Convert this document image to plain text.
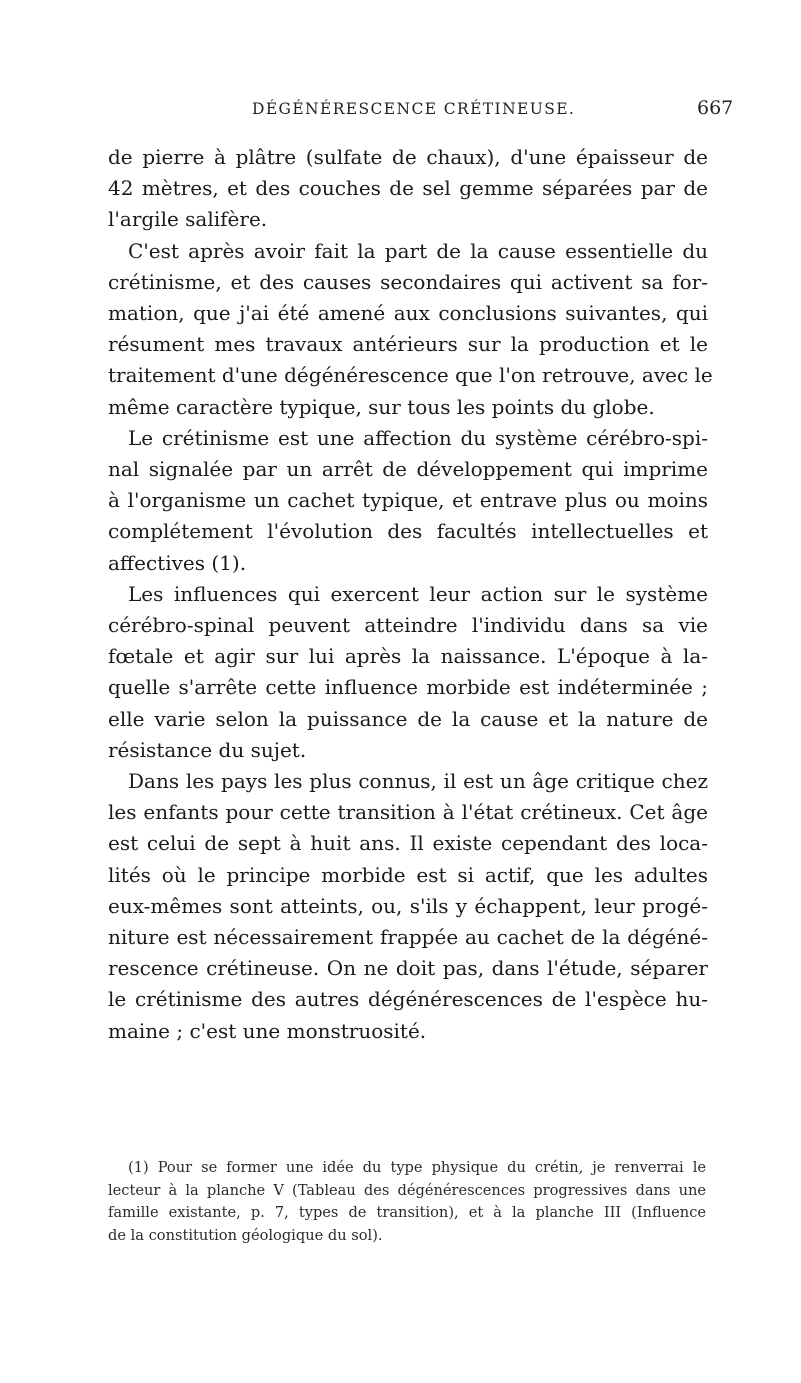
DÉGÉNÉRESCENCE CRÉTINEUSE.	667
de pierre à plâtre (sulfate de chaux), d'une épaisseur de
42 mètres, et des couches de sel gemme séparées par de
l'argile salifère.
C'est après avoir fait la part de la cause essentielle du
crétinisme, et des causes secondaires qui activent sa for-
mation, que j'ai été amené aux conclusions suivantes, qui
résument mes travaux antérieurs sur la production et le
traitement d'une dégénérescence que l'on retrouve, avec le
même caractère typique, sur tous les points du globe.
Le crétinisme est une affection du système cérébro-spi-
nal signalée par un arrêt de développement qui imprime
à l'organisme un cachet typique, et entrave plus ou moins
complétement l'évolution des facultés intellectuelles et
affectives (1).
Les influences qui exercent leur action sur le système
cérébro-spinal peuvent atteindre l'individu dans sa vie
fœtale et agir sur lui après la naissance. L'époque à la-
quelle s'arrête cette influence morbide est indéterminée ;
elle varie selon la puissance de la cause et la nature de
résistance du sujet.
Dans les pays les plus connus, il est un âge critique chez
les enfants pour cette transition à l'état crétineux. Cet âge
est celui de sept à huit ans. Il existe cependant des loca-
lités où le principe morbide est si actif, que les adultes
eux-mêmes sont atteints, ou, s'ils y échappent, leur progé-
niture est nécessairement frappée au cachet de la dégéné-
rescence crétineuse. On ne doit pas, dans l'étude, séparer
le crétinisme des autres dégénérescences de l'espèce hu-
maine ; c'est une monstruosité.
(1) Pour se former une idée du type physique du crétin, je renverrai le
lecteur à la planche V (Tableau des dégénérescences progressives dans une
famille existante, p. 7, types de transition), et à la planche III (Influence
de la constitution géologique du sol).
